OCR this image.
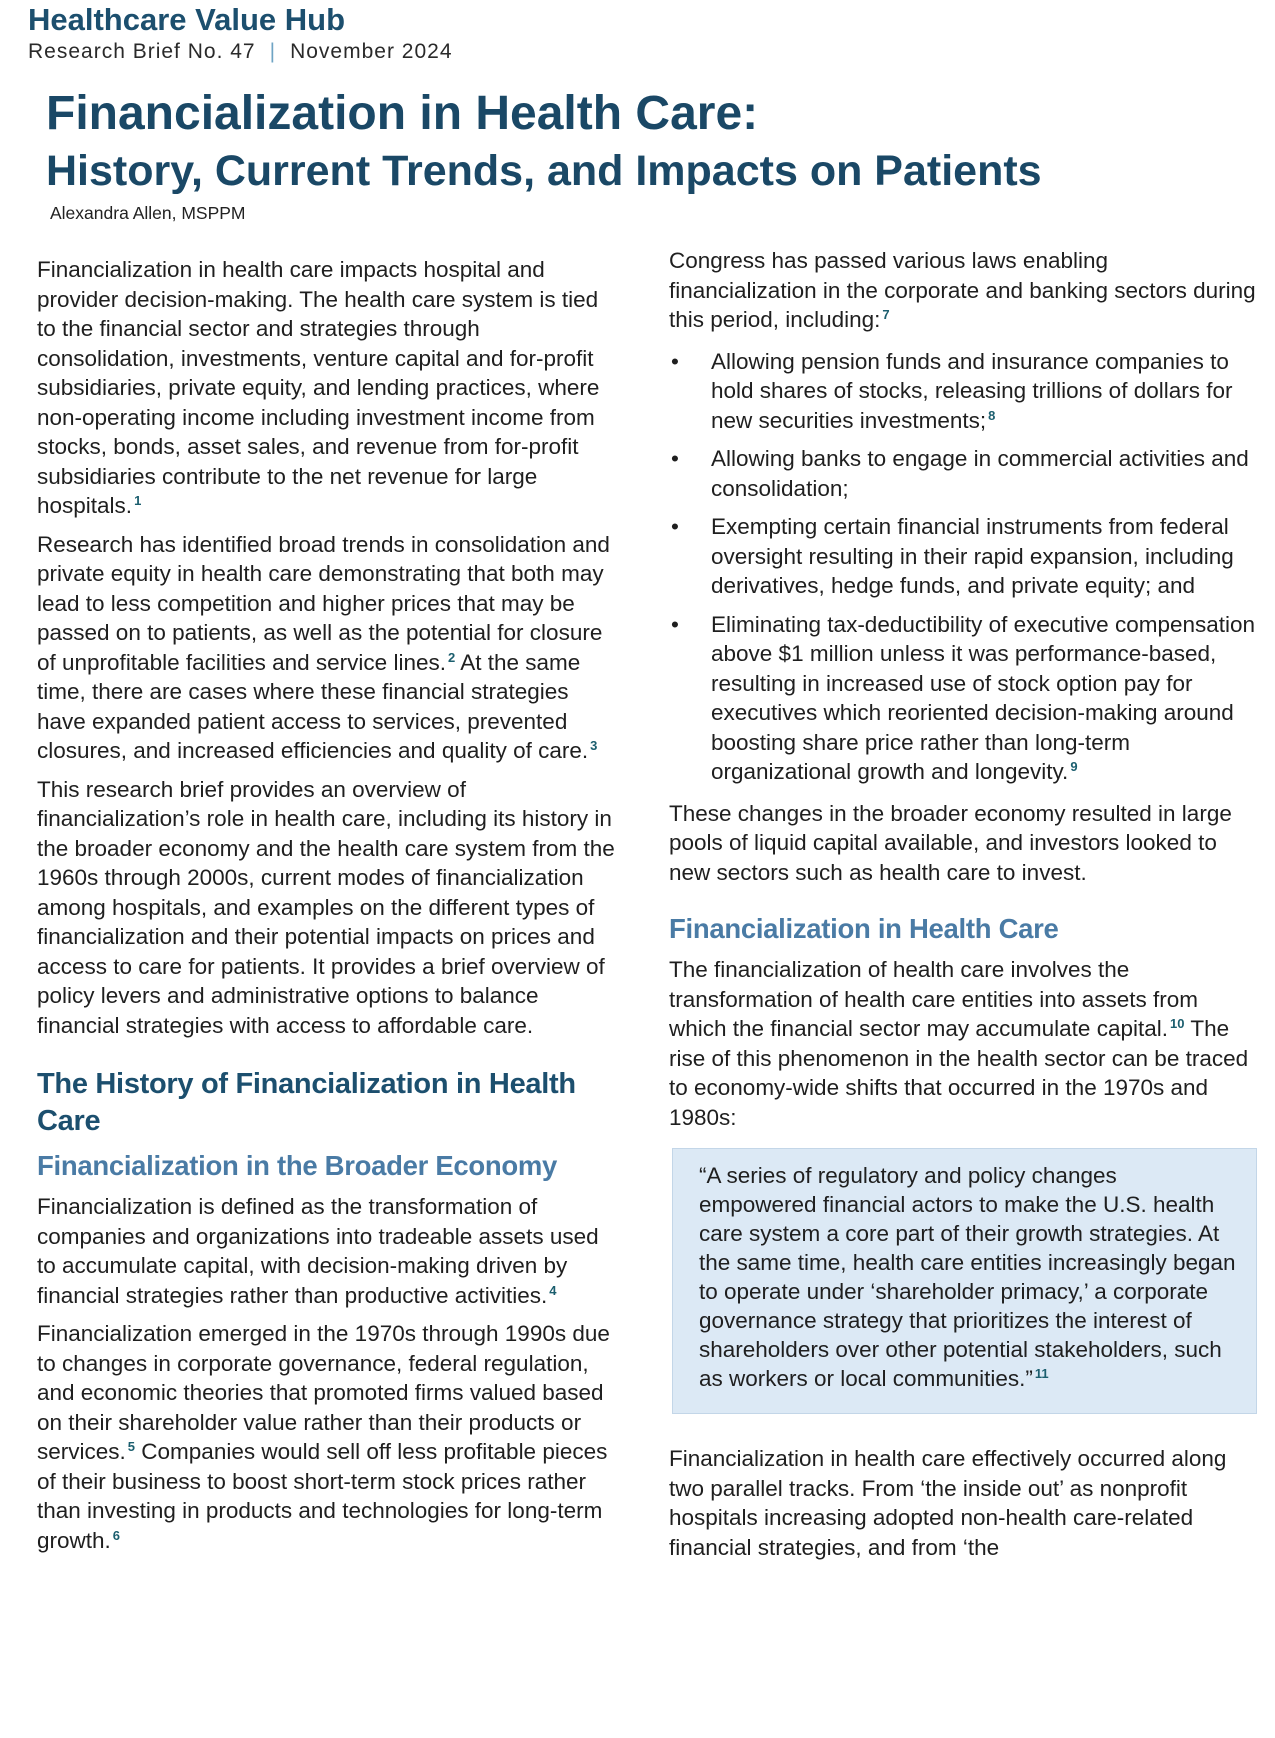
Healthcare Value Hub
Research Brief No. 47 | November 2024
Financialization in Health Care:
History, Current Trends, and Impacts on Patients
Alexandra Allen, MSPPM

Financialization in health care impacts hospital and provider decision-making. The health care system is tied to the financial sector and strategies through consolidation, investments, venture capital and for-profit subsidiaries, private equity, and lending practices, where non-operating income including investment income from stocks, bonds, asset sales, and revenue from for-profit subsidiaries contribute to the net revenue for large hospitals. $^1$

Research has identified broad trends in consolidation and private equity in health care demonstrating that both may lead to less competition and higher prices that may be passed on to patients, as well as the potential for closure of unprofitable facilities and service lines. $^2$ At the same time, there are cases where these financial strategies have expanded patient access to services, prevented closures, and increased efficiencies and quality of care. $^3$

This research brief provides an overview of financialization’s role in health care, including its history in the broader economy and the health care system from the 1960s through 2000s, current modes of financialization among hospitals, and examples on the different types of financialization and their potential impacts on prices and access to care for patients. It provides a brief overview of policy levers and administrative options to balance financial strategies with access to affordable care.

The History of Financialization in Health Care
Financialization in the Broader Economy

Financialization is defined as the transformation of companies and organizations into tradeable assets used to accumulate capital, with decision-making driven by financial strategies rather than productive activities. $^4$

Financialization emerged in the 1970s through 1990s due to changes in corporate governance, federal regulation, and economic theories that promoted firms valued based on their shareholder value rather than their products or services. $^5$ Companies would sell off less profitable pieces of their business to boost short-term stock prices rather than investing in products and technologies for long-term growth. $^6$

Congress has passed various laws enabling financialization in the corporate and banking sectors during this period, including: $^7$

• Allowing pension funds and insurance companies to hold shares of stocks, releasing trillions of dollars for new securities investments; $^8$
• Allowing banks to engage in commercial activities and consolidation;
• Exempting certain financial instruments from federal oversight resulting in their rapid expansion, including derivatives, hedge funds, and private equity; and
• Eliminating tax-deductibility of executive compensation above $1 million unless it was performance-based, resulting in increased use of stock option pay for executives which reoriented decision-making around boosting share price rather than long-term organizational growth and longevity. $^9$

These changes in the broader economy resulted in large pools of liquid capital available, and investors looked to new sectors such as health care to invest.

Financialization in Health Care

The financialization of health care involves the transformation of health care entities into assets from which the financial sector may accumulate capital. $^{10}$ The rise of this phenomenon in the health sector can be traced to economy-wide shifts that occurred in the 1970s and 1980s:

“A series of regulatory and policy changes empowered financial actors to make the U.S. health care system a core part of their growth strategies. At the same time, health care entities increasingly began to operate under ‘shareholder primacy,’ a corporate governance strategy that prioritizes the interest of shareholders over other potential stakeholders, such as workers or local communities.” $^{11}$

Financialization in health care effectively occurred along two parallel tracks. From ‘the inside out’ as nonprofit hospitals increasing adopted non-health care-related financial strategies, and from ‘the
